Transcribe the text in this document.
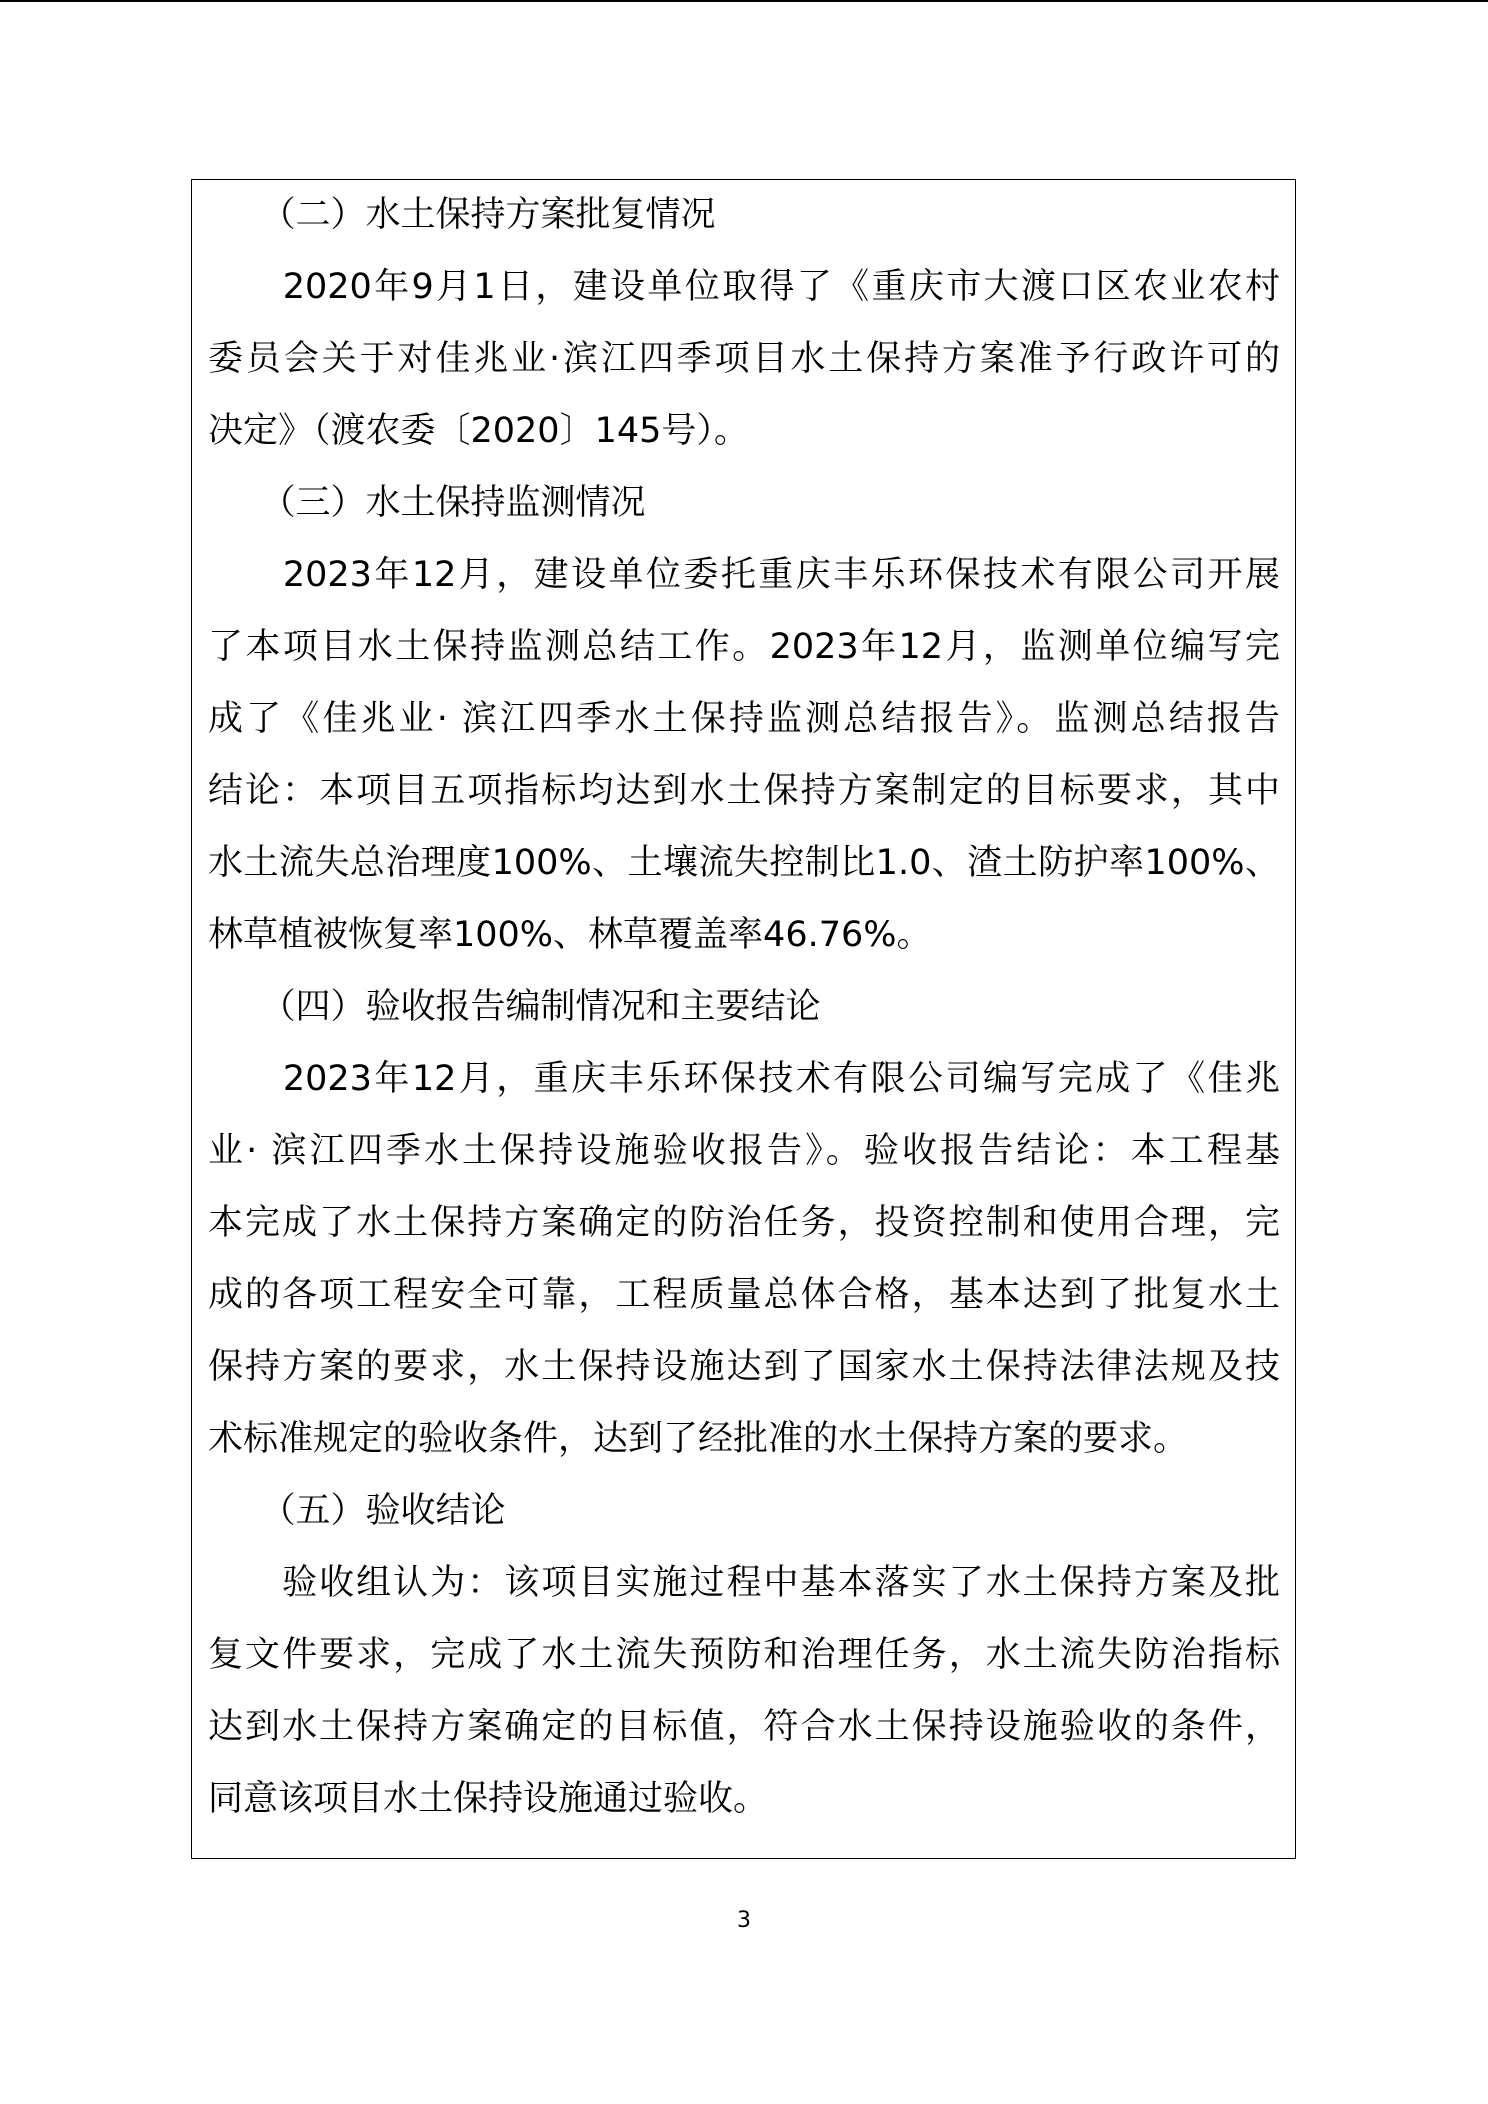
　　（二）水土保持方案批复情况
　　2020年9月1日，建设单位取得了《重庆市大渡口区农业农村
委员会关于对佳兆业·滨江四季项目水土保持方案准予行政许可的
决定》（渡农委〔2020〕145号）。
　　（三）水土保持监测情况
　　2023年12月，建设单位委托重庆丰乐环保技术有限公司开展
了本项目水土保持监测总结工作。2023年12月，监测单位编写完
成了《佳兆业· 滨江四季水土保持监测总结报告》。监测总结报告
结论：本项目五项指标均达到水土保持方案制定的目标要求，其中
水土流失总治理度100%、土壤流失控制比1.0、渣土防护率100%、
林草植被恢复率100%、林草覆盖率46.76%。
　　（四）验收报告编制情况和主要结论
　　2023年12月，重庆丰乐环保技术有限公司编写完成了《佳兆
业· 滨江四季水土保持设施验收报告》。验收报告结论：本工程基
本完成了水土保持方案确定的防治任务，投资控制和使用合理，完
成的各项工程安全可靠，工程质量总体合格，基本达到了批复水土
保持方案的要求，水土保持设施达到了国家水土保持法律法规及技
术标准规定的验收条件，达到了经批准的水土保持方案的要求。
　　（五）验收结论
　　验收组认为：该项目实施过程中基本落实了水土保持方案及批
复文件要求，完成了水土流失预防和治理任务，水土流失防治指标
达到水土保持方案确定的目标值，符合水土保持设施验收的条件，
同意该项目水土保持设施通过验收。
3
